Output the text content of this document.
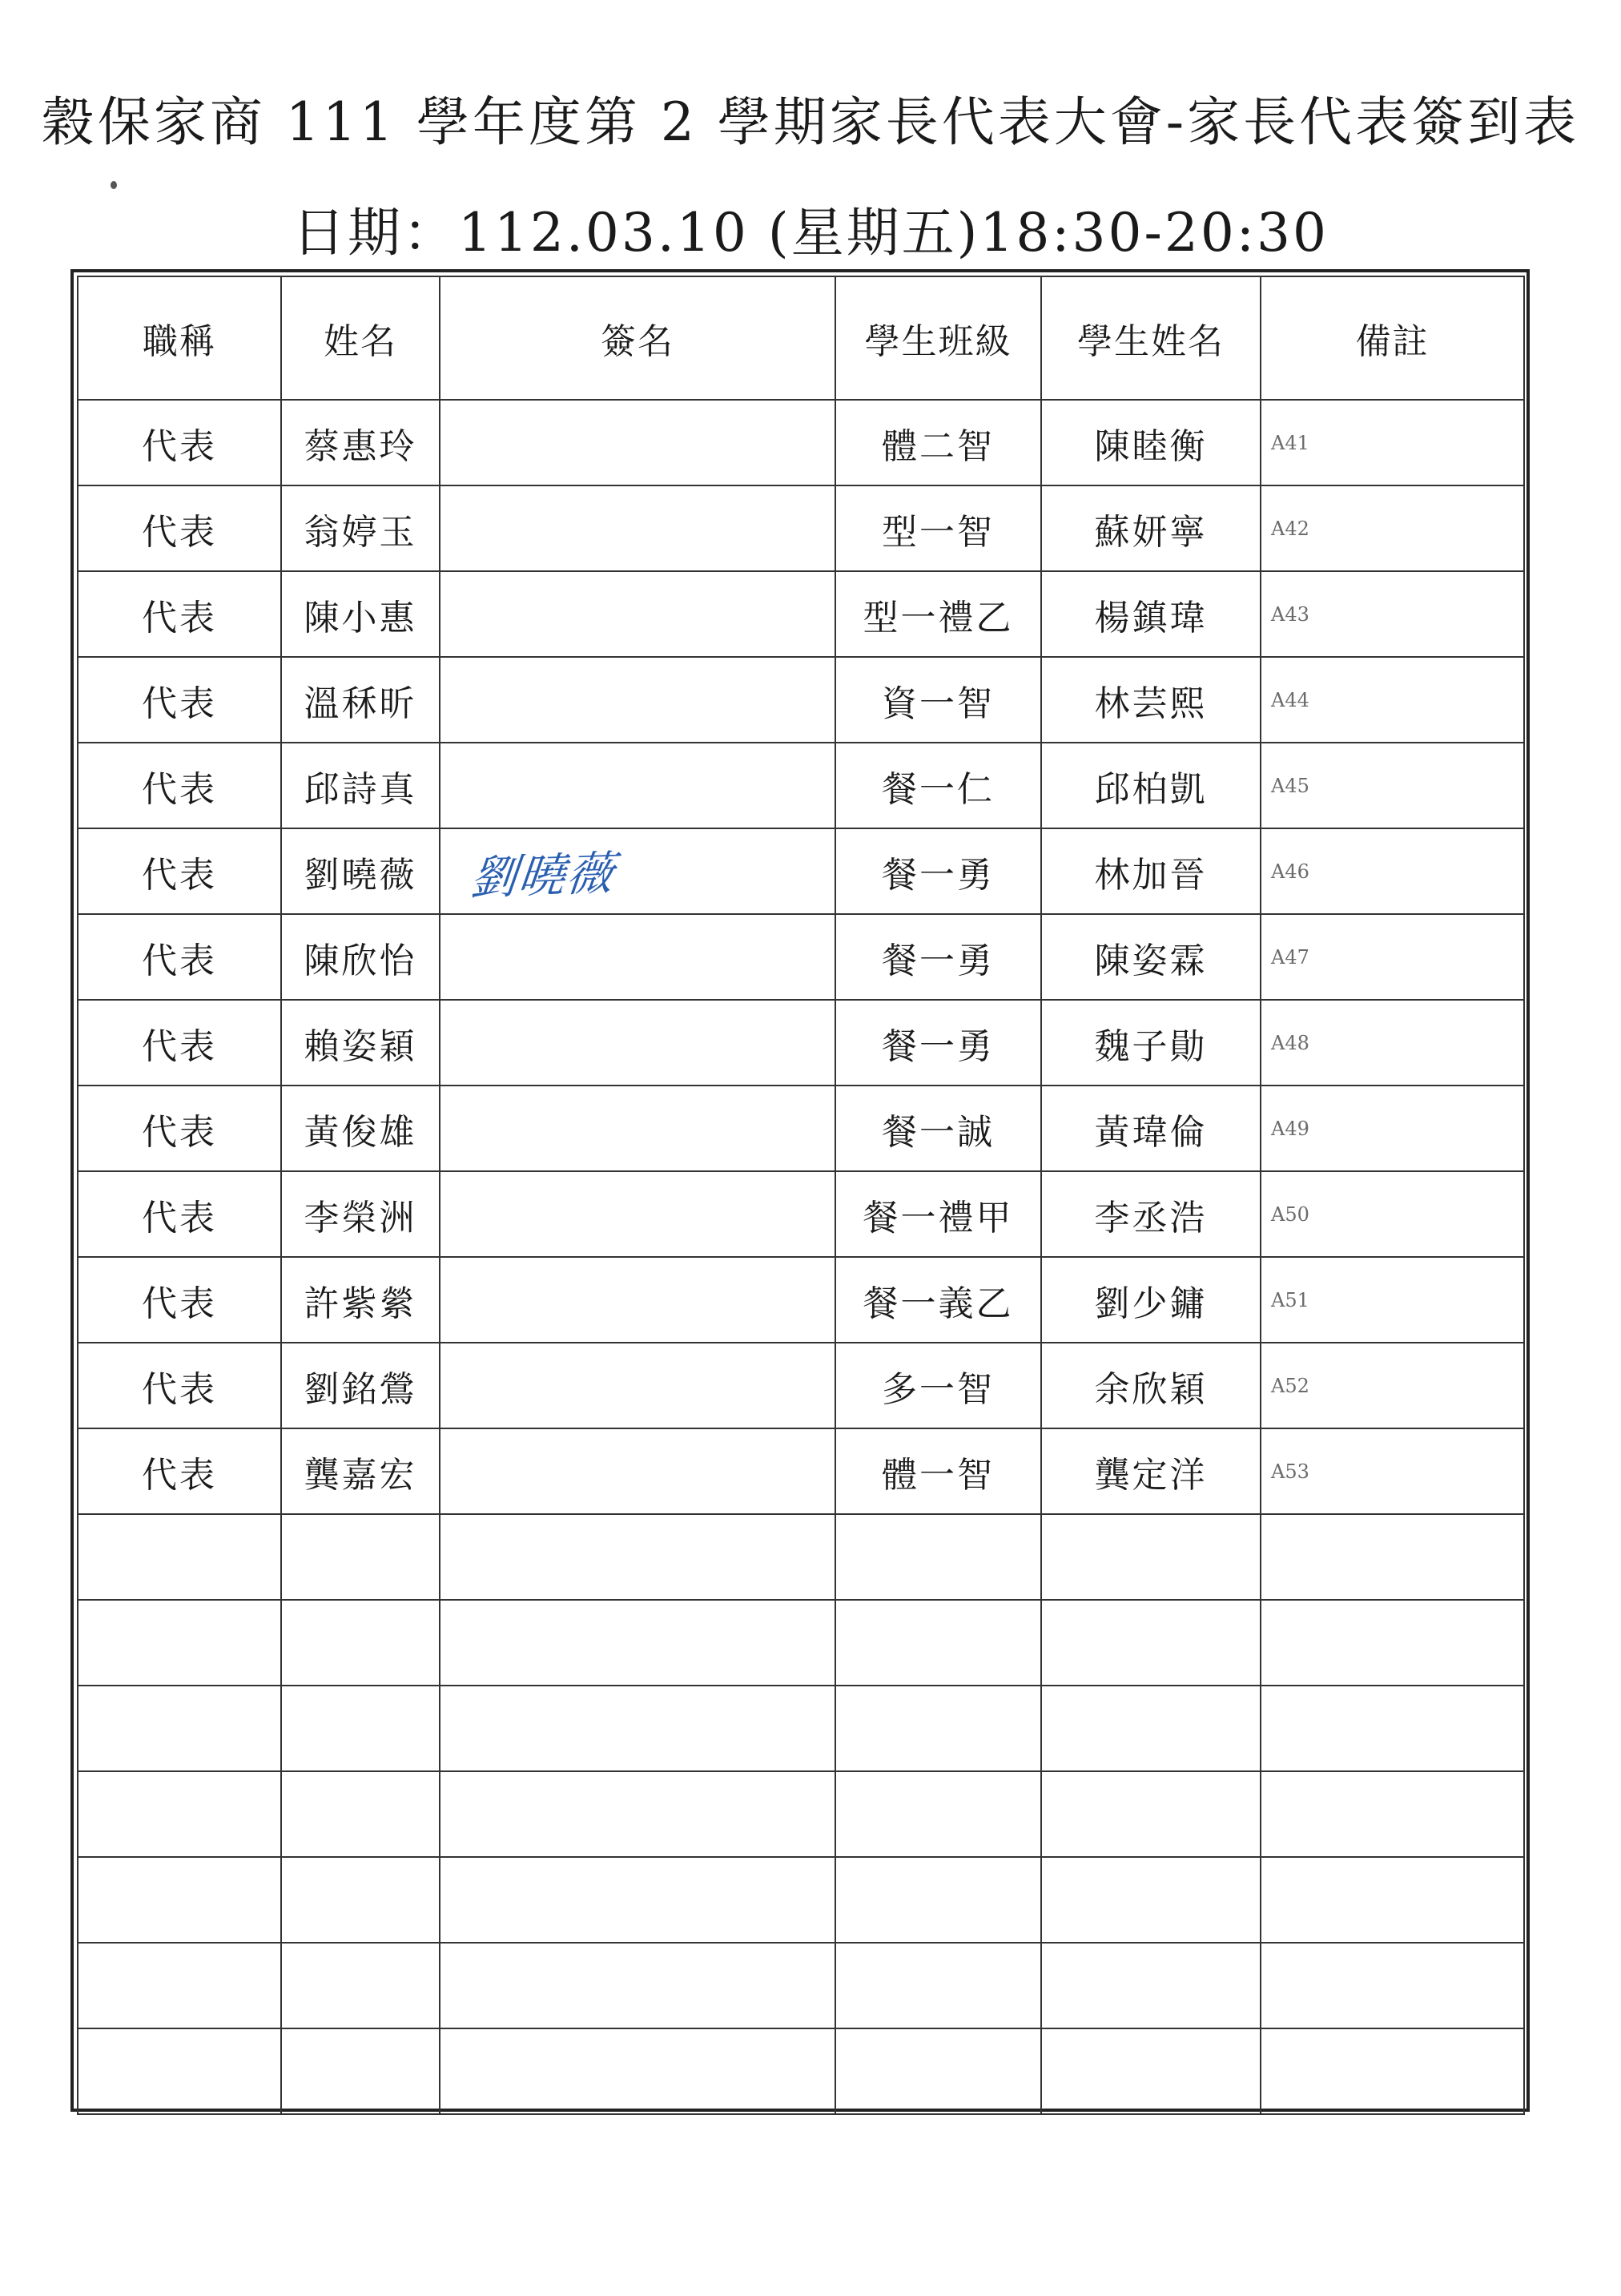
穀保家商 111 學年度第 2 學期家長代表大會-家長代表簽到表
日期：112.03.10 (星期五)18:30-20:30
職稱	姓名	簽名	學生班級	學生姓名	備註
代表	蔡惠玲		體二智	陳睦衡	A41
代表	翁婷玉		型一智	蘇妍寧	A42
代表	陳小惠		型一禮乙	楊鎮瑋	A43
代表	溫秝昕		資一智	林芸熙	A44
代表	邱詩真		餐一仁	邱柏凱	A45
代表	劉曉薇	劉曉薇	餐一勇	林加晉	A46
代表	陳欣怡		餐一勇	陳姿霖	A47
代表	賴姿穎		餐一勇	魏子勛	A48
代表	黃俊雄		餐一誠	黃瑋倫	A49
代表	李榮洲		餐一禮甲	李丞浩	A50
代表	許紫縈		餐一義乙	劉少鏞	A51
代表	劉銘鶯		多一智	余欣穎	A52
代表	龔嘉宏		體一智	龔定洋	A53
